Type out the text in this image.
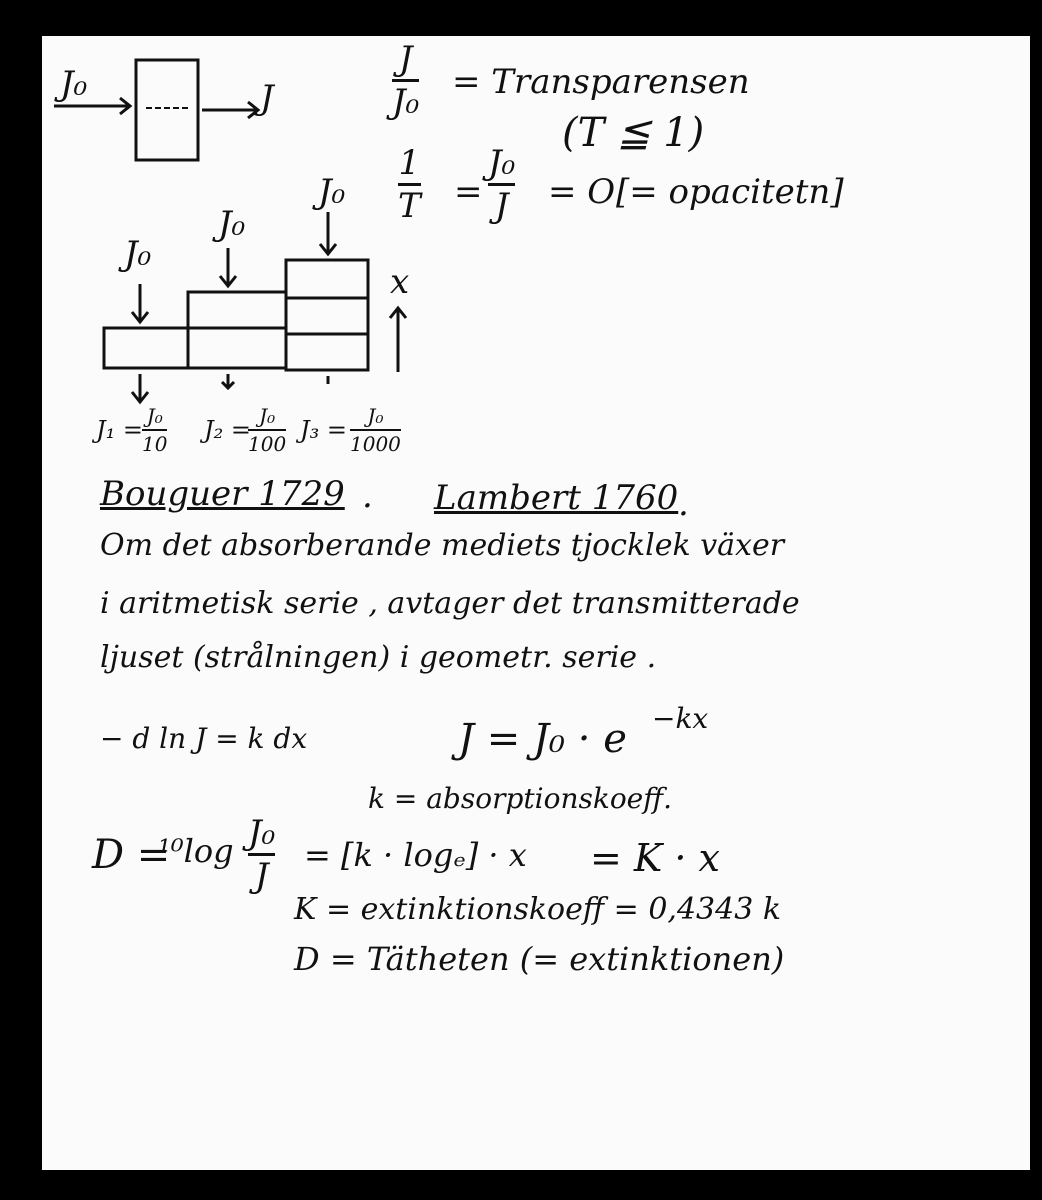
J₀	J
J
J₀ = Transparensen
(T ≦ 1)
1
T =
J₀
J = O [= opacitetn]
J₀
J₀
J₀
x
J₁ = J₀
10 J₂ = J₀
100 J₃ = J₀
1000
Bouguer 1729 . Lambert 1760 .
Om det absorberande mediets tjocklek växer
i aritmetisk serie , avtager det transmitterade
ljuset (strålningen) i geometr. serie .
− d ln J = k dx	J = J₀ · e −kx
k = absorptionskoeff.
D =
¹⁰log J₀
J
= [k · logₑ] · x = K · x
K = extinktionskoeff = 0,4343 k
D = Tätheten (= extinktionen)
